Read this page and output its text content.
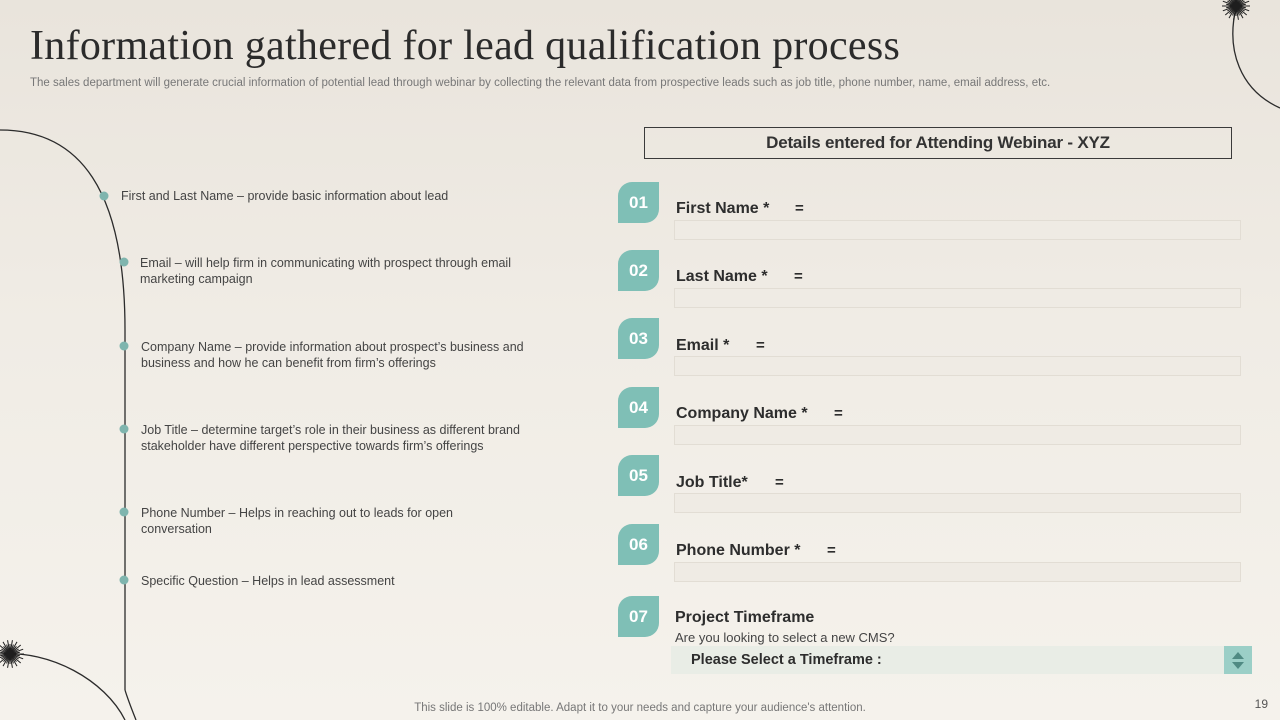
Information gathered for lead qualification process
The sales department will generate crucial information of potential lead through webinar by collecting the relevant data from prospective leads such as job title, phone number, name, email address, etc.
First and Last Name – provide basic information about lead
Email – will help firm in communicating with prospect through email marketing campaign
Company Name – provide information about prospect’s business and business and how he can benefit from firm’s offerings
Job Title – determine target’s role in their business as different brand stakeholder have different perspective towards firm’s offerings
Phone Number – Helps in reaching out to leads for open conversation
Specific Question – Helps in lead assessment
Details entered for Attending Webinar - XYZ
01	First Name * =
02	Last Name * =
03	Email * =
04	Company Name * =
05	Job Title* =
06	Phone Number * =
07	Project Timeframe
Are you looking to select a new CMS?
Please Select a Timeframe :
This slide is 100% editable. Adapt it to your needs and capture your audience's attention.	19
